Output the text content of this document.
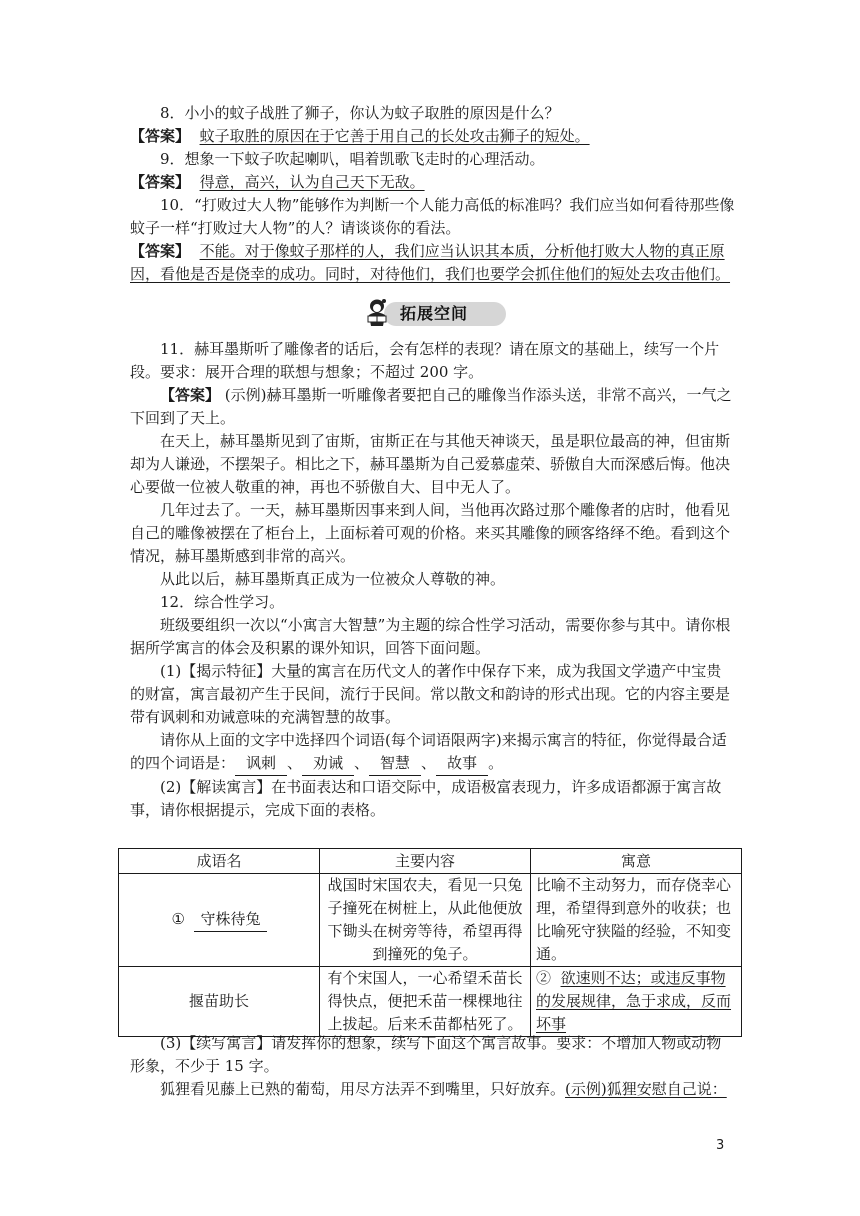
8．小小的蚊子战胜了狮子，你认为蚊子取胜的原因是什么？

【答案】 蚊子取胜的原因在于它善于用自己的长处攻击狮子的短处。

9．想象一下蚊子吹起喇叭，唱着凯歌飞走时的心理活动。

【答案】 得意，高兴，认为自己天下无敌。

10．“打败过大人物”能够作为判断一个人能力高低的标准吗？我们应当如何看待那些像蚊子一样“打败过大人物”的人？请谈谈你的看法。

【答案】 不能。对于像蚊子那样的人，我们应当认识其本质，分析他打败大人物的真正原因，看他是否是侥幸的成功。同时，对待他们，我们也要学会抓住他们的短处去攻击他们。

拓展空间

11．赫耳墨斯听了雕像者的话后，会有怎样的表现？请在原文的基础上，续写一个片段。要求：展开合理的联想与想象；不超过 200 字。

【答案】 (示例)赫耳墨斯一听雕像者要把自己的雕像当作添头送，非常不高兴，一气之下回到了天上。

在天上，赫耳墨斯见到了宙斯，宙斯正在与其他天神谈天，虽是职位最高的神，但宙斯却为人谦逊，不摆架子。相比之下，赫耳墨斯为自己爱慕虚荣、骄傲自大而深感后悔。他决心要做一位被人敬重的神，再也不骄傲自大、目中无人了。

几年过去了。一天，赫耳墨斯因事来到人间，当他再次路过那个雕像者的店时，他看见自己的雕像被摆在了柜台上，上面标着可观的价格。来买其雕像的顾客络绎不绝。看到这个情况，赫耳墨斯感到非常的高兴。

从此以后，赫耳墨斯真正成为一位被众人尊敬的神。

12．综合性学习。

班级要组织一次以“小寓言大智慧”为主题的综合性学习活动，需要你参与其中。请你根据所学寓言的体会及积累的课外知识，回答下面问题。

(1)【揭示特征】大量的寓言在历代文人的著作中保存下来，成为我国文学遗产中宝贵的财富，寓言最初产生于民间，流行于民间。常以散文和韵诗的形式出现。它的内容主要是带有讽刺和劝诫意味的充满智慧的故事。

请你从上面的文字中选择四个词语(每个词语限两字)来揭示寓言的特征，你觉得最合适的四个词语是： 讽刺 、 劝诫 、 智慧 、 故事 。

(2)【解读寓言】在书面表达和口语交际中，成语极富表现力，许多成语都源于寓言故事，请你根据提示，完成下面的表格。

成语名	主要内容	寓意
① 守株待兔	战国时宋国农夫，看见一只兔子撞死在树桩上，从此他便放下锄头在树旁等待，希望再得到撞死的兔子。	比喻不主动努力，而存侥幸心理，希望得到意外的收获；也比喻死守狭隘的经验，不知变通。
揠苗助长	有个宋国人，一心希望禾苗长得快点，便把禾苗一棵棵地往上拔起。后来禾苗都枯死了。	② 欲速则不达；或违反事物的发展规律，急于求成，反而坏事

(3)【续写寓言】请发挥你的想象，续写下面这个寓言故事。要求：不增加人物或动物形象，不少于 15 字。

狐狸看见藤上已熟的葡萄，用尽方法弄不到嘴里，只好放弃。(示例)狐狸安慰自己说：

3
